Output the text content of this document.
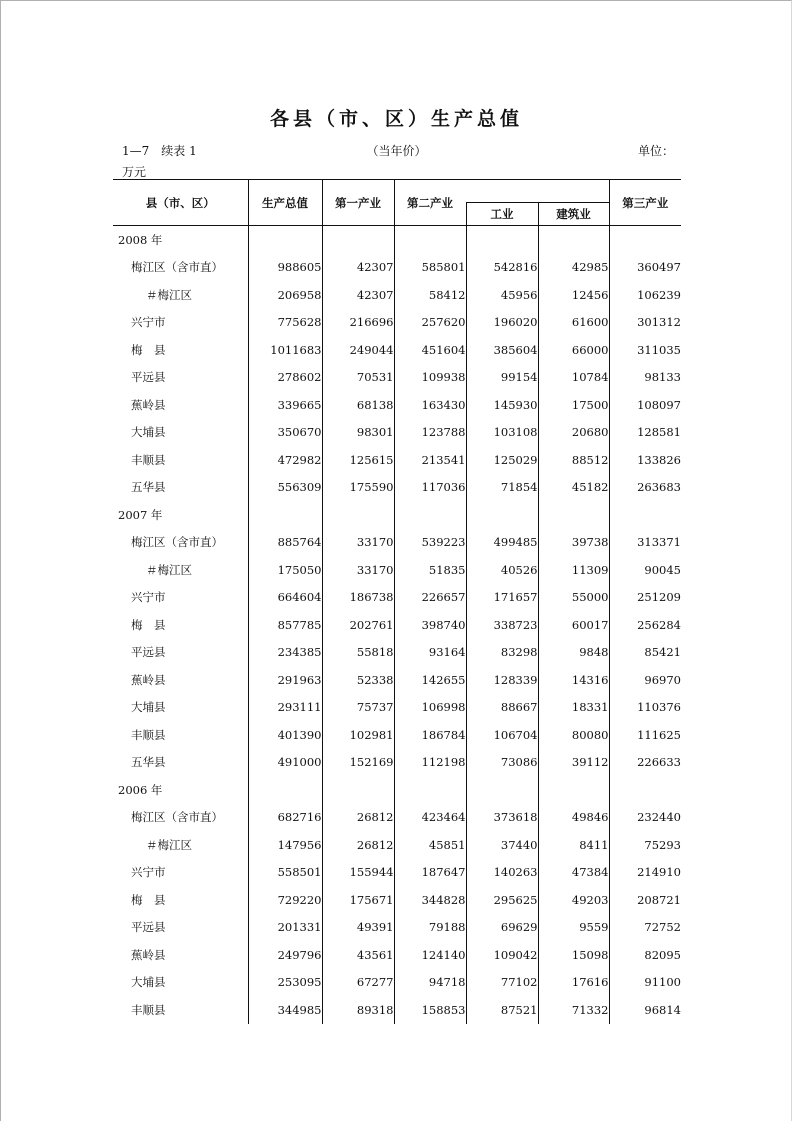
各县（市、区）生产总值
1—7　续表 1	（当年价）	单位：
万元
县（市、区）	生产总值	第一产业	第二产业			第三产业
				工业	建筑业	
2008 年						
梅江区（含市直）	988605	42307	585801	542816	42985	360497
＃梅江区	206958	42307	58412	45956	12456	106239
兴宁市	775628	216696	257620	196020	61600	301312
梅　县	1011683	249044	451604	385604	66000	311035
平远县	278602	70531	109938	99154	10784	98133
蕉岭县	339665	68138	163430	145930	17500	108097
大埔县	350670	98301	123788	103108	20680	128581
丰顺县	472982	125615	213541	125029	88512	133826
五华县	556309	175590	117036	71854	45182	263683
2007 年						
梅江区（含市直）	885764	33170	539223	499485	39738	313371
＃梅江区	175050	33170	51835	40526	11309	90045
兴宁市	664604	186738	226657	171657	55000	251209
梅　县	857785	202761	398740	338723	60017	256284
平远县	234385	55818	93164	83298	9848	85421
蕉岭县	291963	52338	142655	128339	14316	96970
大埔县	293111	75737	106998	88667	18331	110376
丰顺县	401390	102981	186784	106704	80080	111625
五华县	491000	152169	112198	73086	39112	226633
2006 年						
梅江区（含市直）	682716	26812	423464	373618	49846	232440
＃梅江区	147956	26812	45851	37440	8411	75293
兴宁市	558501	155944	187647	140263	47384	214910
梅　县	729220	175671	344828	295625	49203	208721
平远县	201331	49391	79188	69629	9559	72752
蕉岭县	249796	43561	124140	109042	15098	82095
大埔县	253095	67277	94718	77102	17616	91100
丰顺县	344985	89318	158853	87521	71332	96814
